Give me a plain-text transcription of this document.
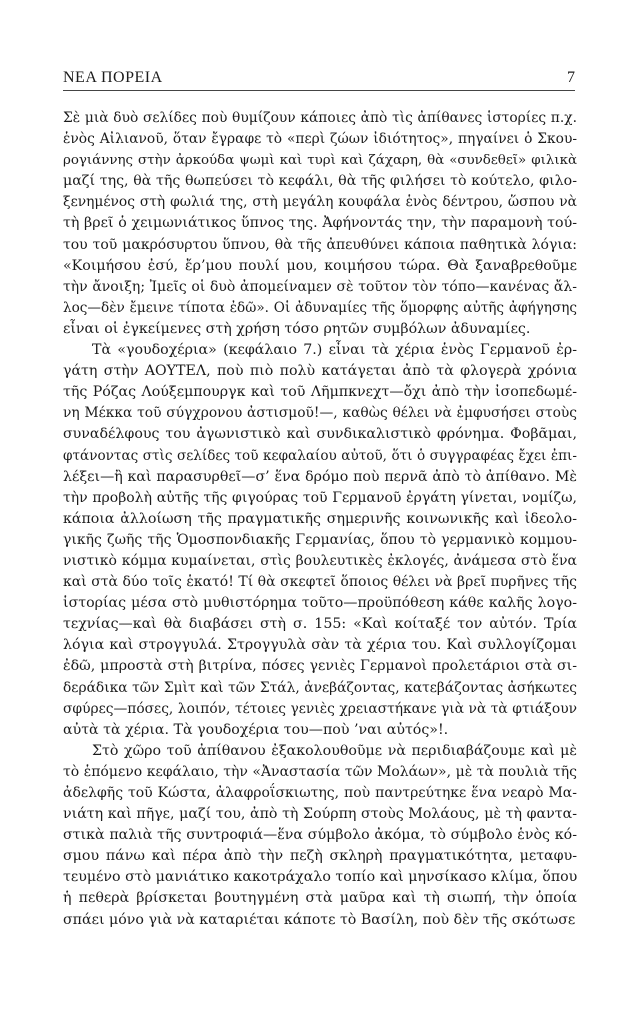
ΝΕΑ ΠΟΡΕΙΑ	7
Σὲ μιὰ δυὸ σελίδες ποὺ θυμίζουν κάποιες ἀπὸ τὶς ἀπίθανες ἱστορίες π.χ.
ἑνὸς Αἰλιανοῦ, ὅταν ἔγραφε τὸ «περὶ ζώων ἰδιότητος», πηγαίνει ὁ Σκου-
ρογιάννης στὴν ἀρκούδα ψωμὶ καὶ τυρὶ καὶ ζάχαρη, θὰ «συνδεθεῖ» φιλικὰ
μαζί της, θὰ τῆς θωπεύσει τὸ κεφάλι, θὰ τῆς φιλήσει τὸ κούτελο, φιλο-
ξενημένος στὴ φωλιά της, στὴ μεγάλη κουφάλα ἑνὸς δέντρου, ὥσπου νὰ
τὴ βρεῖ ὁ χειμωνιάτικος ὕπνος της. Ἀφήνοντάς την, τὴν παραμονὴ τού-
του τοῦ μακρόσυρτου ὕπνου, θὰ τῆς ἀπευθύνει κάποια παθητικὰ λόγια:
«Κοιμήσου ἐσύ, ἔρ’μου πουλί μου, κοιμήσου τώρα. Θὰ ξαναβρεθοῦμε
τὴν ἄνοιξη; Ἰμεῖς οἱ δυὸ ἀπομείναμεν σὲ τοῦτον τὸν τόπο—κανένας ἄλ-
λος—δὲν ἔμεινε τίποτα ἐδῶ». Οἱ ἀδυναμίες τῆς ὅμορφης αὐτῆς ἀφήγησης
εἶναι οἱ ἐγκείμενες στὴ χρήση τόσο ρητῶν συμβόλων ἀδυναμίες.
Τὰ «γουδοχέρια» (κεφάλαιο 7.) εἶναι τὰ χέρια ἑνὸς Γερμανοῦ ἐρ-
γάτη στὴν ΑΟΥΤΕΛ, ποὺ πιὸ πολὺ κατάγεται ἀπὸ τὰ φλογερὰ χρόνια
τῆς Ρόζας Λούξεμπουργκ καὶ τοῦ Λῆμπκνεχτ—ὄχι ἀπὸ τὴν ἰσοπεδωμέ-
νη Μέκκα τοῦ σύγχρονου ἀστισμοῦ!—, καθὼς θέλει νὰ ἐμφυσήσει στοὺς
συναδέλφους του ἀγωνιστικὸ καὶ συνδικαλιστικὸ φρόνημα. Φοβᾶμαι,
φτάνοντας στὶς σελίδες τοῦ κεφαλαίου αὐτοῦ, ὅτι ὁ συγγραφέας ἔχει ἐπι-
λέξει—ἢ καὶ παρασυρθεῖ—σ’ ἕνα δρόμο ποὺ περνᾶ ἀπὸ τὸ ἀπίθανο. Μὲ
τὴν προβολὴ αὐτῆς τῆς φιγούρας τοῦ Γερμανοῦ ἐργάτη γίνεται, νομίζω,
κάποια ἀλλοίωση τῆς πραγματικῆς σημερινῆς κοινωνικῆς καὶ ἰδεολο-
γικῆς ζωῆς τῆς Ὁμοσπονδιακῆς Γερμανίας, ὅπου τὸ γερμανικὸ κομμου-
νιστικὸ κόμμα κυμαίνεται, στὶς βουλευτικὲς ἐκλογές, ἀνάμεσα στὸ ἕνα
καὶ στὰ δύο τοῖς ἑκατό! Τί θὰ σκεφτεῖ ὅποιος θέλει νὰ βρεῖ πυρῆνες τῆς
ἱστορίας μέσα στὸ μυθιστόρημα τοῦτο—προϋπόθεση κάθε καλῆς λογο-
τεχνίας—καὶ θὰ διαβάσει στὴ σ. 155: «Καὶ κοίταξέ τον αὐτόν. Τρία
λόγια καὶ στρογγυλά. Στρογγυλὰ σὰν τὰ χέρια του. Καὶ συλλογίζομαι
ἐδῶ, μπροστὰ στὴ βιτρίνα, πόσες γενιὲς Γερμανοὶ προλετάριοι στὰ σι-
δεράδικα τῶν Σμὶτ καὶ τῶν Στάλ, ἀνεβάζοντας, κατεβάζοντας ἀσήκωτες
σφύρες—πόσες, λοιπόν, τέτοιες γενιὲς χρειαστήκανε γιὰ νὰ τὰ φτιάξουν
αὐτὰ τὰ χέρια. Τὰ γουδοχέρια του—ποὺ ’ναι αὐτός»!.
Στὸ χῶρο τοῦ ἀπίθανου ἐξακολουθοῦμε νὰ περιδιαβάζουμε καὶ μὲ
τὸ ἑπόμενο κεφάλαιο, τὴν «Ἀναστασία τῶν Μολάων», μὲ τὰ πουλιὰ τῆς
ἀδελφῆς τοῦ Κώστα, ἀλαφροΐσκιωτης, ποὺ παντρεύτηκε ἕνα νεαρὸ Μα-
νιάτη καὶ πῆγε, μαζί του, ἀπὸ τὴ Σούρπη στοὺς Μολάους, μὲ τὴ φαντα-
στικὰ παλιὰ τῆς συντροφιά—ἕνα σύμβολο ἀκόμα, τὸ σύμβολο ἑνὸς κό-
σμου πάνω καὶ πέρα ἀπὸ τὴν πεζὴ σκληρὴ πραγματικότητα, μεταφυ-
τευμένο στὸ μανιάτικο κακοτράχαλο τοπίο καὶ μηνσίκασο κλίμα, ὅπου
ἡ πεθερὰ βρίσκεται βουτηγμένη στὰ μαῦρα καὶ τὴ σιωπή, τὴν ὁποία
σπάει μόνο γιὰ νὰ καταριέται κάποτε τὸ Βασίλη, ποὺ δὲν τῆς σκότωσε
